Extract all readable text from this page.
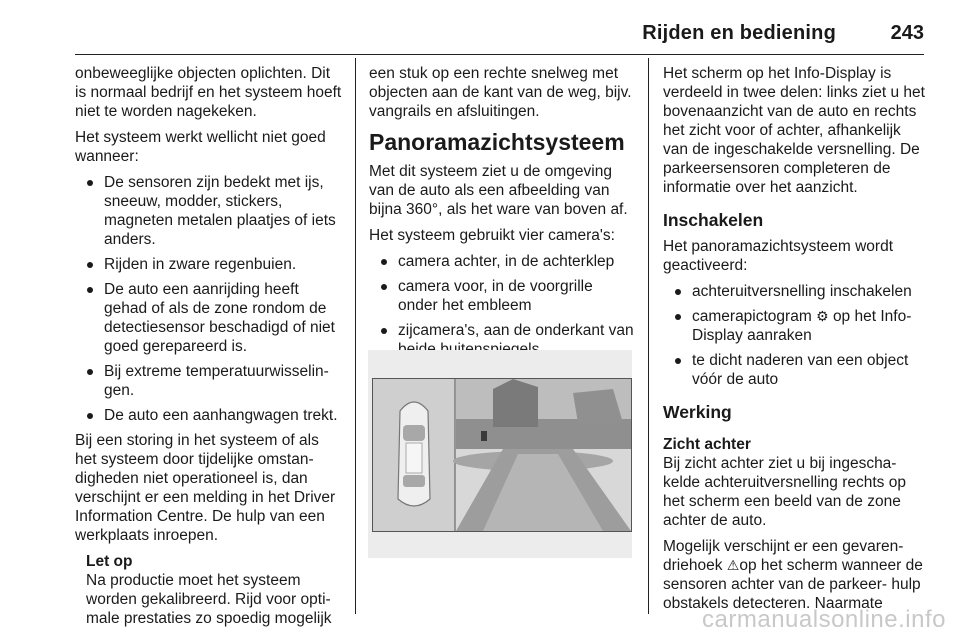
Rijden en bediening	243

onbeweeglijke objecten oplichten. Dit is normaal bedrijf en het systeem hoeft niet te worden nagekeken.

Het systeem werkt wellicht niet goed wanneer:

De sensoren zijn bedekt met ijs, sneeuw, modder, stickers, magneten metalen plaatjes of iets anders.
Rijden in zware regenbuien.
De auto een aanrijding heeft gehad of als de zone rondom de detectiesensor beschadigd of niet goed gerepareerd is.
Bij extreme temperatuurwisselin‐ gen.
De auto een aanhangwagen trekt.

Bij een storing in het systeem of als het systeem door tijdelijke omstan‐ digheden niet operationeel is, dan verschijnt er een melding in het Driver Information Centre. De hulp van een werkplaats inroepen.

Let op
Na productie moet het systeem worden gekalibreerd. Rijd voor opti‐ male prestaties zo spoedig mogelijk

een stuk op een rechte snelweg met objecten aan de kant van de weg, bijv. vangrails en afsluitingen.

Panoramazichtsysteem

Met dit systeem ziet u de omgeving van de auto als een afbeelding van bijna 360°, als het ware van boven af.

Het systeem gebruikt vier camera's:

camera achter, in de achterklep
camera voor, in de voorgrille onder het embleem
zijcamera's, aan de onderkant van

Het scherm op het Info-Display is verdeeld in twee delen: links ziet u het bovenaanzicht van de auto en rechts het zicht voor of achter, afhankelijk van de ingeschakelde versnelling. De parkeersensoren completeren de informatie over het aanzicht.

Inschakelen

Het panoramazichtsysteem wordt geactiveerd:

achteruitversnelling inschakelen
camerapictogram ⚙ op het Info-Display aanraken
te dicht naderen van een object vóór de auto
Werking
Zicht achter

Bij zicht achter ziet u bij ingescha‐ kelde achteruitversnelling rechts op het scherm een beeld van de zone achter de auto.

Mogelijk verschijnt er een gevaren‐ driehoek ⚠op het scherm wanneer de sensoren achter van de parkeer‐ hulp obstakels detecteren. Naarmate

carmanualsonline.info
